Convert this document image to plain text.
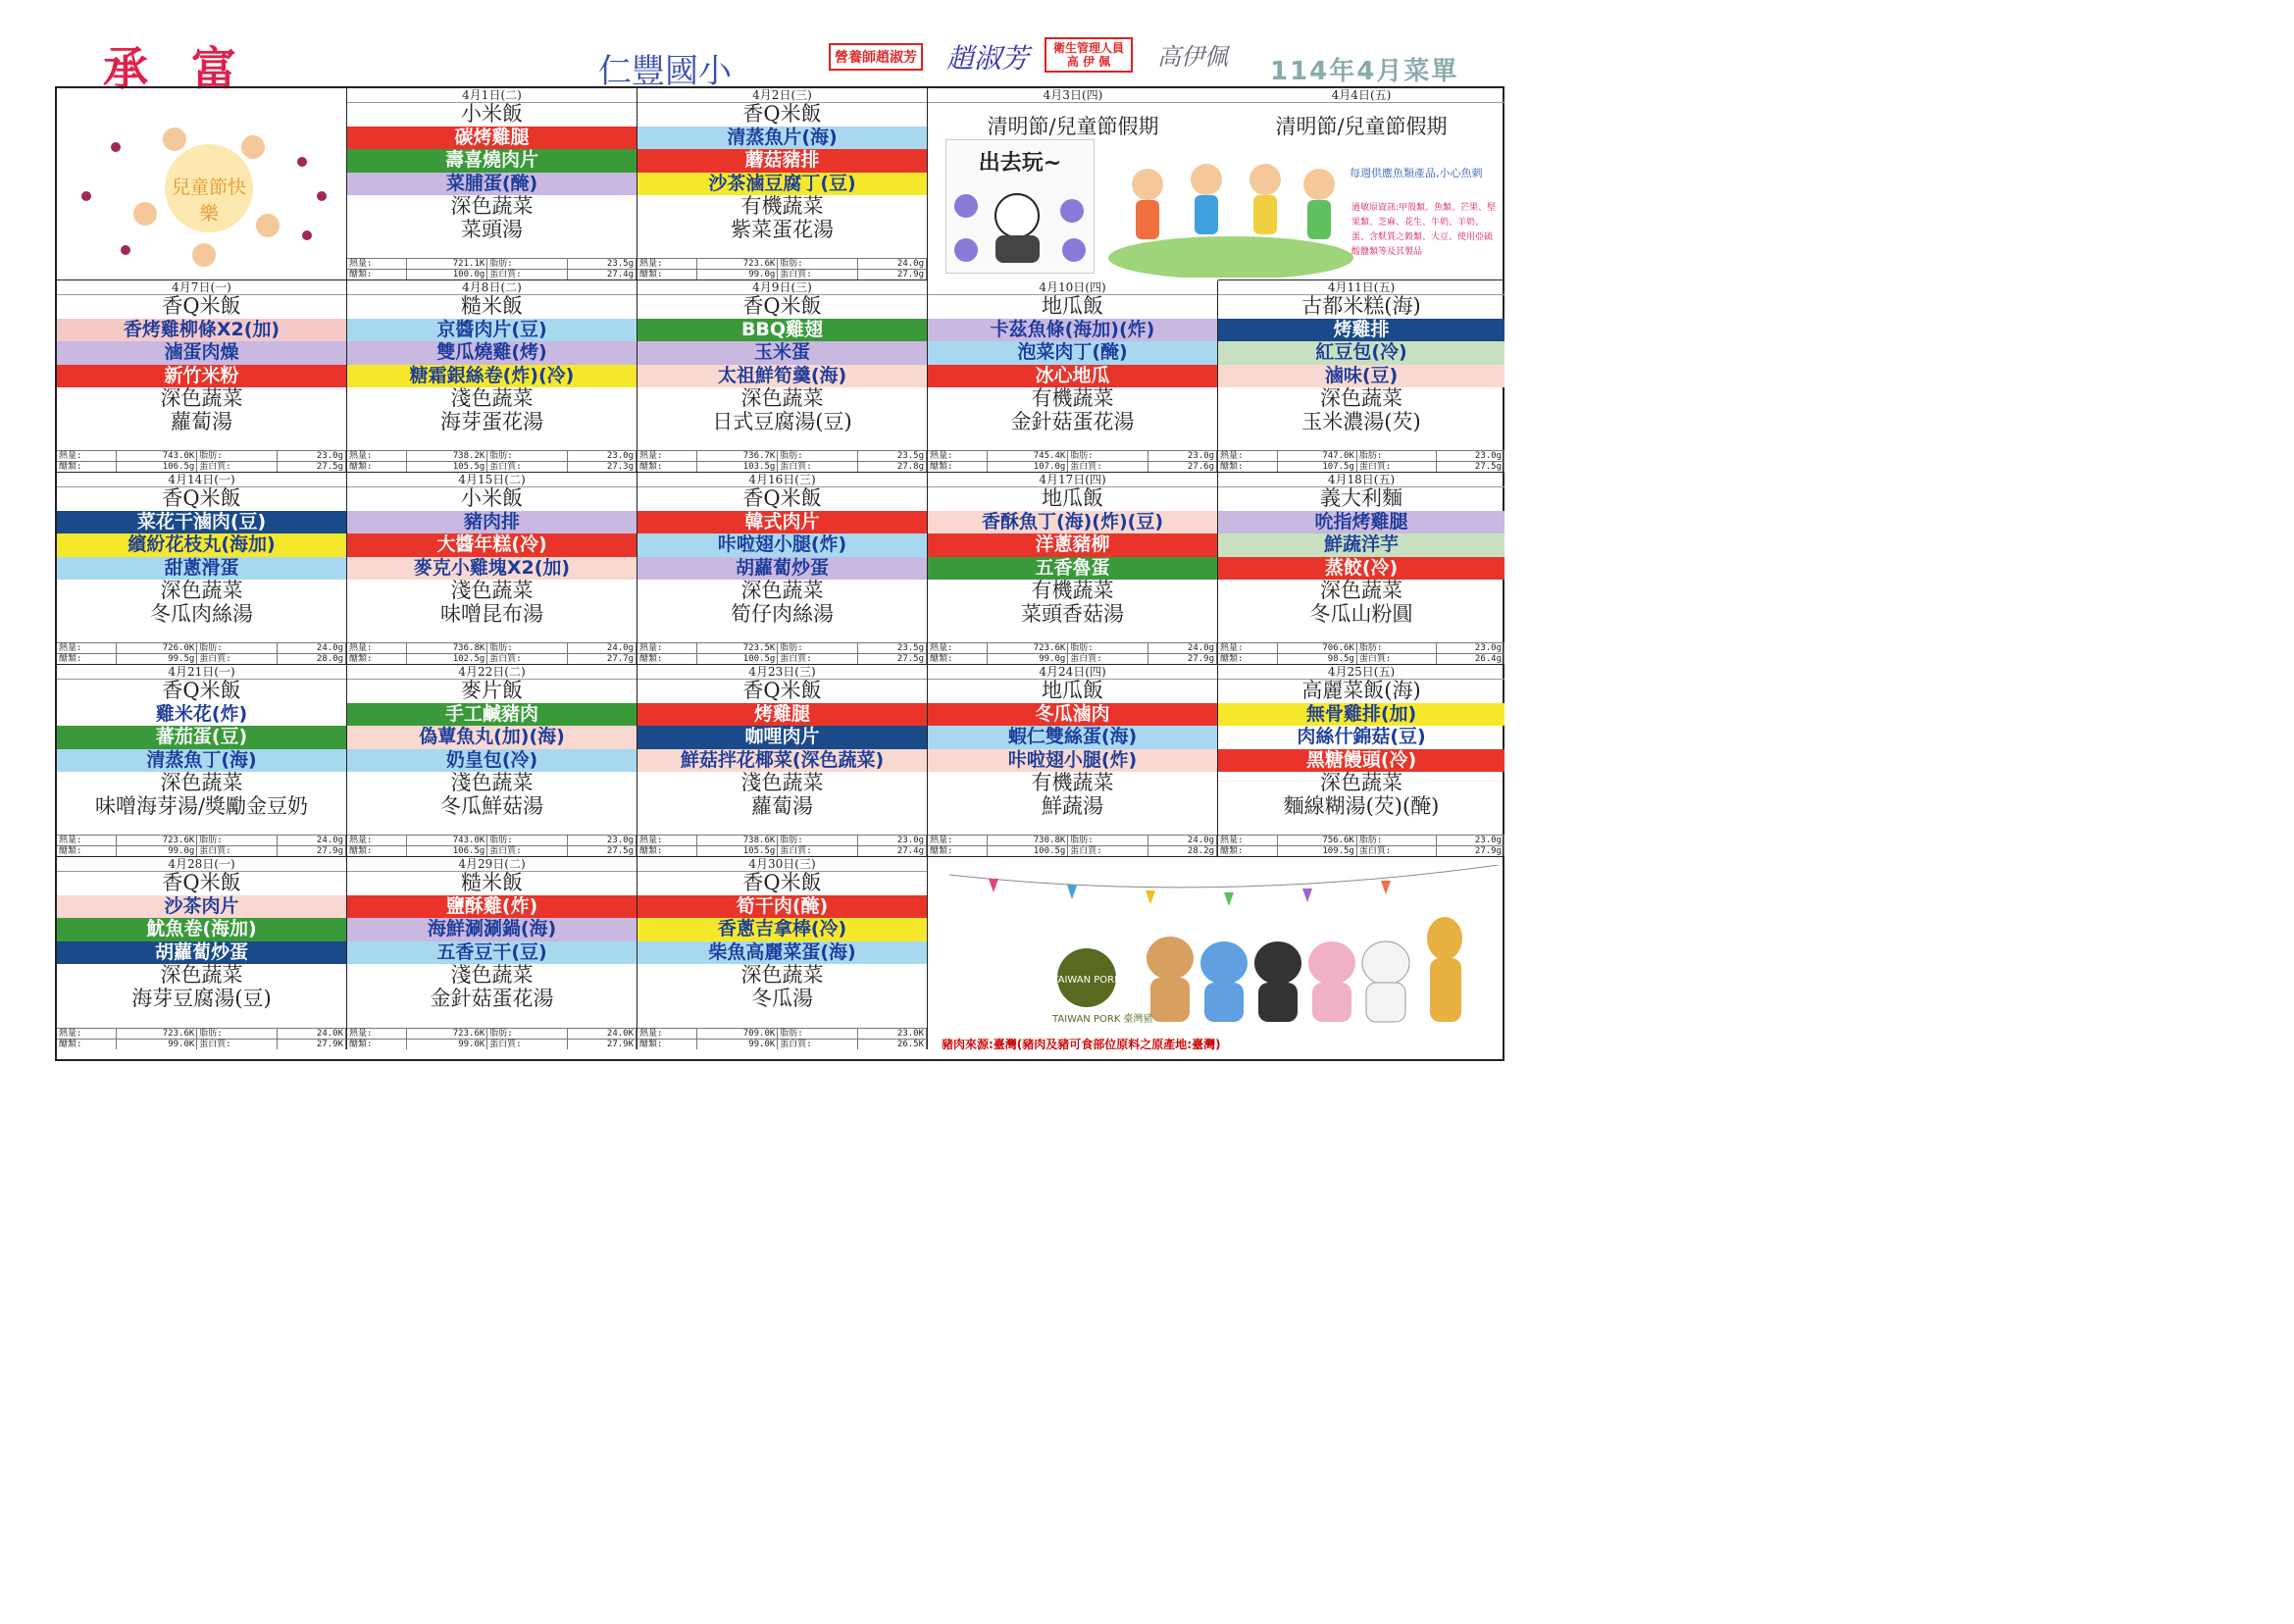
承 富	仁豐國小	營養師趙淑芳 趙淑芳	衛生管理人員 高 伊 佩	高伊佩 114年4月菜單
兒童節快樂
4月3日(四)
清明節/兒童節假期
出去玩~
4月4日(五)
清明節/兒童節假期
每週供應魚類產品,小心魚刺
過敏原資訊:甲殼類、魚類、芒果、堅果類、芝麻、花生、牛奶、羊奶、蛋、含麩質之穀類、大豆、使用亞硫酸鹽類等及其製品
TAIWAN PORK
TAIWAN PORK 臺灣豬
豬肉來源:臺灣(豬肉及豬可食部位原料之原產地:臺灣)
4月1日(二)
小米飯
碳烤雞腿
壽喜燒肉片
菜脯蛋(醃)
深色蔬菜
菜頭湯
熱量:	721.1K	脂肪:	23.5g
醣類:	100.0g	蛋白質:	27.4g
4月2日(三)
香Q米飯
清蒸魚片(海)
蘑菇豬排
沙茶滷豆腐丁(豆)
有機蔬菜
紫菜蛋花湯
熱量:	723.6K	脂肪:	24.0g
醣類:	99.0g	蛋白質:	27.9g
4月7日(一)
香Q米飯
香烤雞柳條X2(加)
滷蛋肉燥
新竹米粉
深色蔬菜
蘿蔔湯
熱量:	743.0K	脂肪:	23.0g
醣類:	106.5g	蛋白質:	27.5g
4月8日(二)
糙米飯
京醬肉片(豆)
雙瓜燒雞(烤)
糖霜銀絲卷(炸)(冷)
淺色蔬菜
海芽蛋花湯
熱量:	738.2K	脂肪:	23.0g
醣類:	105.5g	蛋白質:	27.3g
4月9日(三)
香Q米飯
BBQ雞翅
玉米蛋
太祖鮮筍羹(海)
深色蔬菜
日式豆腐湯(豆)
熱量:	736.7K	脂肪:	23.5g
醣類:	103.5g	蛋白質:	27.8g
4月10日(四)
地瓜飯
卡茲魚條(海加)(炸)
泡菜肉丁(醃)
冰心地瓜
有機蔬菜
金針菇蛋花湯
熱量:	745.4K	脂肪:	23.0g
醣類:	107.0g	蛋白質:	27.6g
4月11日(五)
古都米糕(海)
烤雞排
紅豆包(冷)
滷味(豆)
深色蔬菜
玉米濃湯(芡)
熱量:	747.0K	脂肪:	23.0g
醣類:	107.5g	蛋白質:	27.5g
4月14日(一)
香Q米飯
菜花干滷肉(豆)
繽紛花枝丸(海加)
甜蔥滑蛋
深色蔬菜
冬瓜肉絲湯
熱量:	726.0K	脂肪:	24.0g
醣類:	99.5g	蛋白質:	28.0g
4月15日(二)
小米飯
豬肉排
大醬年糕(冷)
麥克小雞塊X2(加)
淺色蔬菜
味噌昆布湯
熱量:	736.8K	脂肪:	24.0g
醣類:	102.5g	蛋白質:	27.7g
4月16日(三)
香Q米飯
韓式肉片
咔啦翅小腿(炸)
胡蘿蔔炒蛋
深色蔬菜
筍仔肉絲湯
熱量:	723.5K	脂肪:	23.5g
醣類:	100.5g	蛋白質:	27.5g
4月17日(四)
地瓜飯
香酥魚丁(海)(炸)(豆)
洋蔥豬柳
五香魯蛋
有機蔬菜
菜頭香菇湯
熱量:	723.6K	脂肪:	24.0g
醣類:	99.0g	蛋白質:	27.9g
4月18日(五)
義大利麵
吮指烤雞腿
鮮蔬洋芋
蒸餃(冷)
深色蔬菜
冬瓜山粉圓
熱量:	706.6K	脂肪:	23.0g
醣類:	98.5g	蛋白質:	26.4g
4月21日(一)
香Q米飯
雞米花(炸)
蕃茄蛋(豆)
清蒸魚丁(海)
深色蔬菜
味噌海芽湯/獎勵金豆奶
熱量:	723.6K	脂肪:	24.0g
醣類:	99.0g	蛋白質:	27.9g
4月22日(二)
麥片飯
手工鹹豬肉
偽蕈魚丸(加)(海)
奶皇包(冷)
淺色蔬菜
冬瓜鮮菇湯
熱量:	743.0K	脂肪:	23.0g
醣類:	106.5g	蛋白質:	27.5g
4月23日(三)
香Q米飯
烤雞腿
咖哩肉片
鮮菇拌花椰菜(深色蔬菜)
淺色蔬菜
蘿蔔湯
熱量:	738.6K	脂肪:	23.0g
醣類:	105.5g	蛋白質:	27.4g
4月24日(四)
地瓜飯
冬瓜滷肉
蝦仁雙絲蛋(海)
咔啦翅小腿(炸)
有機蔬菜
鮮蔬湯
熱量:	730.8K	脂肪:	24.0g
醣類:	100.5g	蛋白質:	28.2g
4月25日(五)
高麗菜飯(海)
無骨雞排(加)
肉絲什錦菇(豆)
黑糖饅頭(冷)
深色蔬菜
麵線糊湯(芡)(醃)
熱量:	756.6K	脂肪:	23.0g
醣類:	109.5g	蛋白質:	27.9g
4月28日(一)
香Q米飯
沙茶肉片
魷魚卷(海加)
胡蘿蔔炒蛋
深色蔬菜
海芽豆腐湯(豆)
熱量:	723.6K	脂肪:	24.0K
醣類:	99.0K	蛋白質:	27.9K
4月29日(二)
糙米飯
鹽酥雞(炸)
海鮮涮涮鍋(海)
五香豆干(豆)
淺色蔬菜
金針菇蛋花湯
熱量:	723.6K	脂肪:	24.0K
醣類:	99.0K	蛋白質:	27.9K
4月30日(三)
香Q米飯
筍干肉(醃)
香蔥吉拿棒(冷)
柴魚高麗菜蛋(海)
深色蔬菜
冬瓜湯
熱量:	709.0K	脂肪:	23.0K
醣類:	99.0K	蛋白質:	26.5K
